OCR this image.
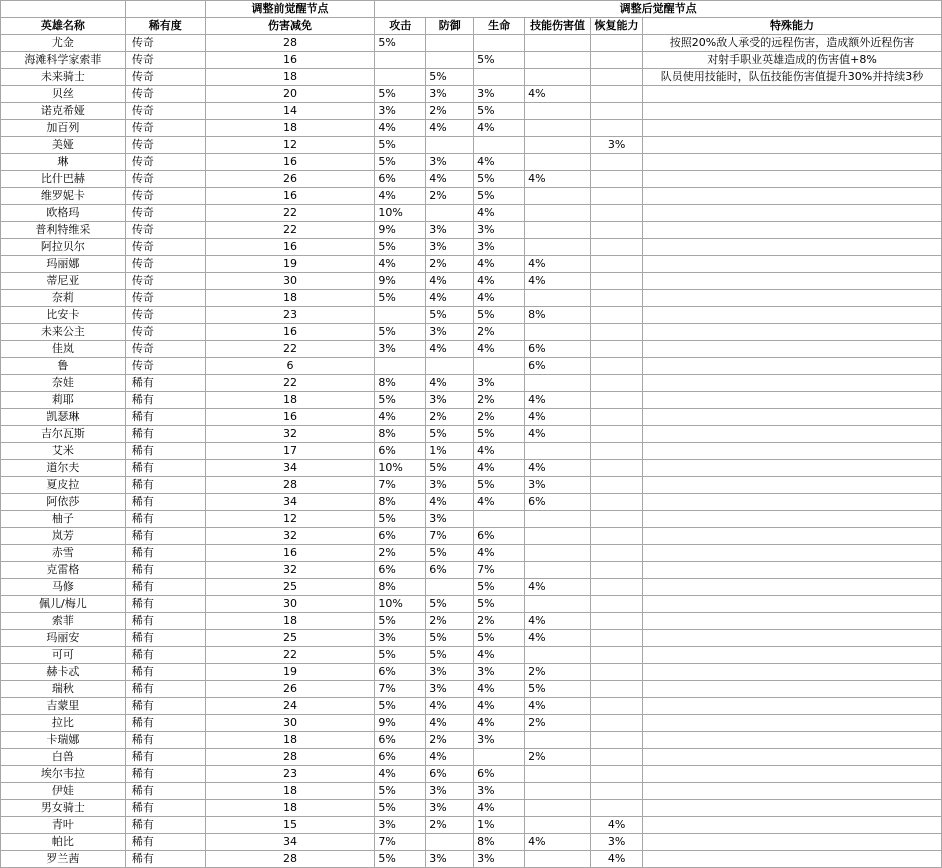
		调整前觉醒节点	调整后觉醒节点					
英雄名称	稀有度	伤害减免	攻击	防御	生命	技能伤害值	恢复能力	特殊能力
尤金	传奇	28	5%					按照20%敌人承受的远程伤害，造成额外近程伤害
海滩科学家索菲	传奇	16			5%			对射手职业英雄造成的伤害值+8%
未来骑士	传奇	18		5%				队员使用技能时，队伍技能伤害值提升30%并持续3秒
贝丝	传奇	20	5%	3%	3%	4%		
诺克希娅	传奇	14	3%	2%	5%			
加百列	传奇	18	4%	4%	4%			
美娅	传奇	12	5%				3%	
琳	传奇	16	5%	3%	4%			
比什巴赫	传奇	26	6%	4%	5%	4%		
维罗妮卡	传奇	16	4%	2%	5%			
欧格玛	传奇	22	10%		4%			
普利特维采	传奇	22	9%	3%	3%			
阿拉贝尔	传奇	16	5%	3%	3%			
玛丽娜	传奇	19	4%	2%	4%	4%		
蒂尼亚	传奇	30	9%	4%	4%	4%		
奈莉	传奇	18	5%	4%	4%			
比安卡	传奇	23		5%	5%	8%		
未来公主	传奇	16	5%	3%	2%			
佳岚	传奇	22	3%	4%	4%	6%		
鲁	传奇	6				6%		
奈娃	稀有	22	8%	4%	3%			
莉耶	稀有	18	5%	3%	2%	4%		
凯瑟琳	稀有	16	4%	2%	2%	4%		
吉尔瓦斯	稀有	32	8%	5%	5%	4%		
艾米	稀有	17	6%	1%	4%			
道尔夫	稀有	34	10%	5%	4%	4%		
夏皮拉	稀有	28	7%	3%	5%	3%		
阿依莎	稀有	34	8%	4%	4%	6%		
柚子	稀有	12	5%	3%				
岚芳	稀有	32	6%	7%	6%			
赤雪	稀有	16	2%	5%	4%			
克雷格	稀有	32	6%	6%	7%			
马修	稀有	25	8%		5%	4%		
佩儿/梅儿	稀有	30	10%	5%	5%			
索菲	稀有	18	5%	2%	2%	4%		
玛丽安	稀有	25	3%	5%	5%	4%		
可可	稀有	22	5%	5%	4%			
赫卡忒	稀有	19	6%	3%	3%	2%		
瑞秋	稀有	26	7%	3%	4%	5%		
吉蒙里	稀有	24	5%	4%	4%	4%		
拉比	稀有	30	9%	4%	4%	2%		
卡瑞娜	稀有	18	6%	2%	3%			
白兽	稀有	28	6%	4%		2%		
埃尔韦拉	稀有	23	4%	6%	6%			
伊娃	稀有	18	5%	3%	3%			
男女骑士	稀有	18	5%	3%	4%			
青叶	稀有	15	3%	2%	1%		4%	
帕比	稀有	34	7%		8%	4%	3%	
罗兰茜	稀有	28	5%	3%	3%		4%	
